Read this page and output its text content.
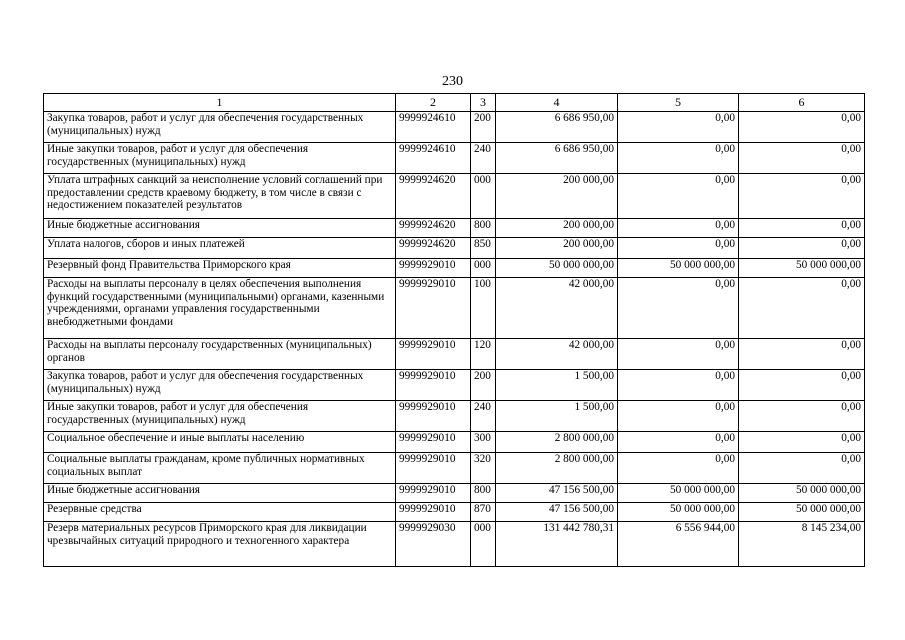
230
1	2	3	4	5	6
Закупка товаров, работ и услуг для обеспечения государственных (муниципальных) нужд	9999924610	200	6 686 950,00	0,00	0,00
Иные закупки товаров, работ и услуг для обеспечения государственных (муниципальных) нужд	9999924610	240	6 686 950,00	0,00	0,00
Уплата штрафных санкций за неисполнение условий соглашений при предоставлении средств краевому бюджету, в том числе в связи с недостижением показателей результатов	9999924620	000	200 000,00	0,00	0,00
Иные бюджетные ассигнования	9999924620	800	200 000,00	0,00	0,00
Уплата налогов, сборов и иных платежей	9999924620	850	200 000,00	0,00	0,00
Резервный фонд Правительства Приморского края	9999929010	000	50 000 000,00	50 000 000,00	50 000 000,00
Расходы на выплаты персоналу в целях обеспечения выполнения функций государственными (муниципальными) органами, казенными учреждениями, органами управления государственными внебюджетными фондами	9999929010	100	42 000,00	0,00	0,00
Расходы на выплаты персоналу государственных (муниципальных) органов	9999929010	120	42 000,00	0,00	0,00
Закупка товаров, работ и услуг для обеспечения государственных (муниципальных) нужд	9999929010	200	1 500,00	0,00	0,00
Иные закупки товаров, работ и услуг для обеспечения государственных (муниципальных) нужд	9999929010	240	1 500,00	0,00	0,00
Социальное обеспечение и иные выплаты населению	9999929010	300	2 800 000,00	0,00	0,00
Социальные выплаты гражданам, кроме публичных нормативных социальных выплат	9999929010	320	2 800 000,00	0,00	0,00
Иные бюджетные ассигнования	9999929010	800	47 156 500,00	50 000 000,00	50 000 000,00
Резервные средства	9999929010	870	47 156 500,00	50 000 000,00	50 000 000,00
Резерв материальных ресурсов Приморского края для ликвидации чрезвычайных ситуаций природного и техногенного характера	9999929030	000	131 442 780,31	6 556 944,00	8 145 234,00
